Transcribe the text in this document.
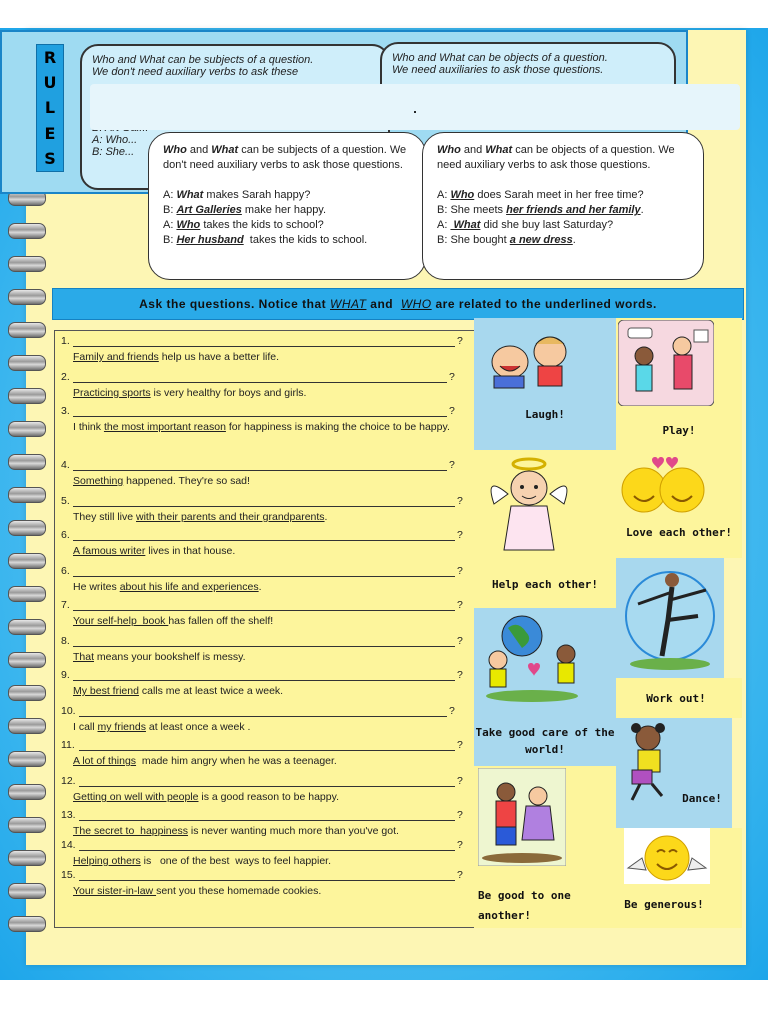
R
U
L
E
S
Who and What can be subjects of a question.
We don't need auxiliary verbs to ask these
A: Who...
B: She...
Who and What can be objects of a question.
We need auxiliaries to ask those questions.
.

Who and What can be subjects of a question. We don't need auxiliary verbs to ask those questions.

A: What makes Sarah happy?
B: Art Galleries make her happy.
A: Who takes the kids to school?
B: Her husband  takes the kids to school.

Who and What can be objects of a question. We need auxiliary verbs to ask those questions.

A: Who does Sarah meet in her free time?
B: She meets her friends and her family.
A:  What did she buy last Saturday?
B: She bought a new dress.
Ask the questions. Notice that
WHAT and
WHO
are related to the underlined words.
1.	?
Family and friends help us have a better life.
2.	?
Practicing sports is very healthy for boys and girls.
3.	?
I think the most important reason for happiness is making the choice to be happy.
4.	?
Something happened. They're so sad!
5.	?
They still live with their parents and their grandparents.
6.	?
A famous writer lives in that house.
6.	?
He writes about his life and experiences.
7.	?
Your self-help  book has fallen off the shelf!
8.	?
That means your bookshelf is messy.
9.	?
My best friend calls me at least twice a week.
10.	?
I call my friends at least once a week .
11.	?
A lot of things  made him angry when he was a teenager.
12.	?
Getting on well with people is a good reason to be happy.
13.	?
The secret to  happiness is never wanting much more than you've got.
14.	?
Helping others is   one of the best  ways to feel happier.
15.	?
Your sister-in-law sent you these homemade cookies.
Laugh!
Help each other!
Take good care of the world!
Be good to one another!
Play!
Love each other!
Work out!
Dance!
Be generous!
